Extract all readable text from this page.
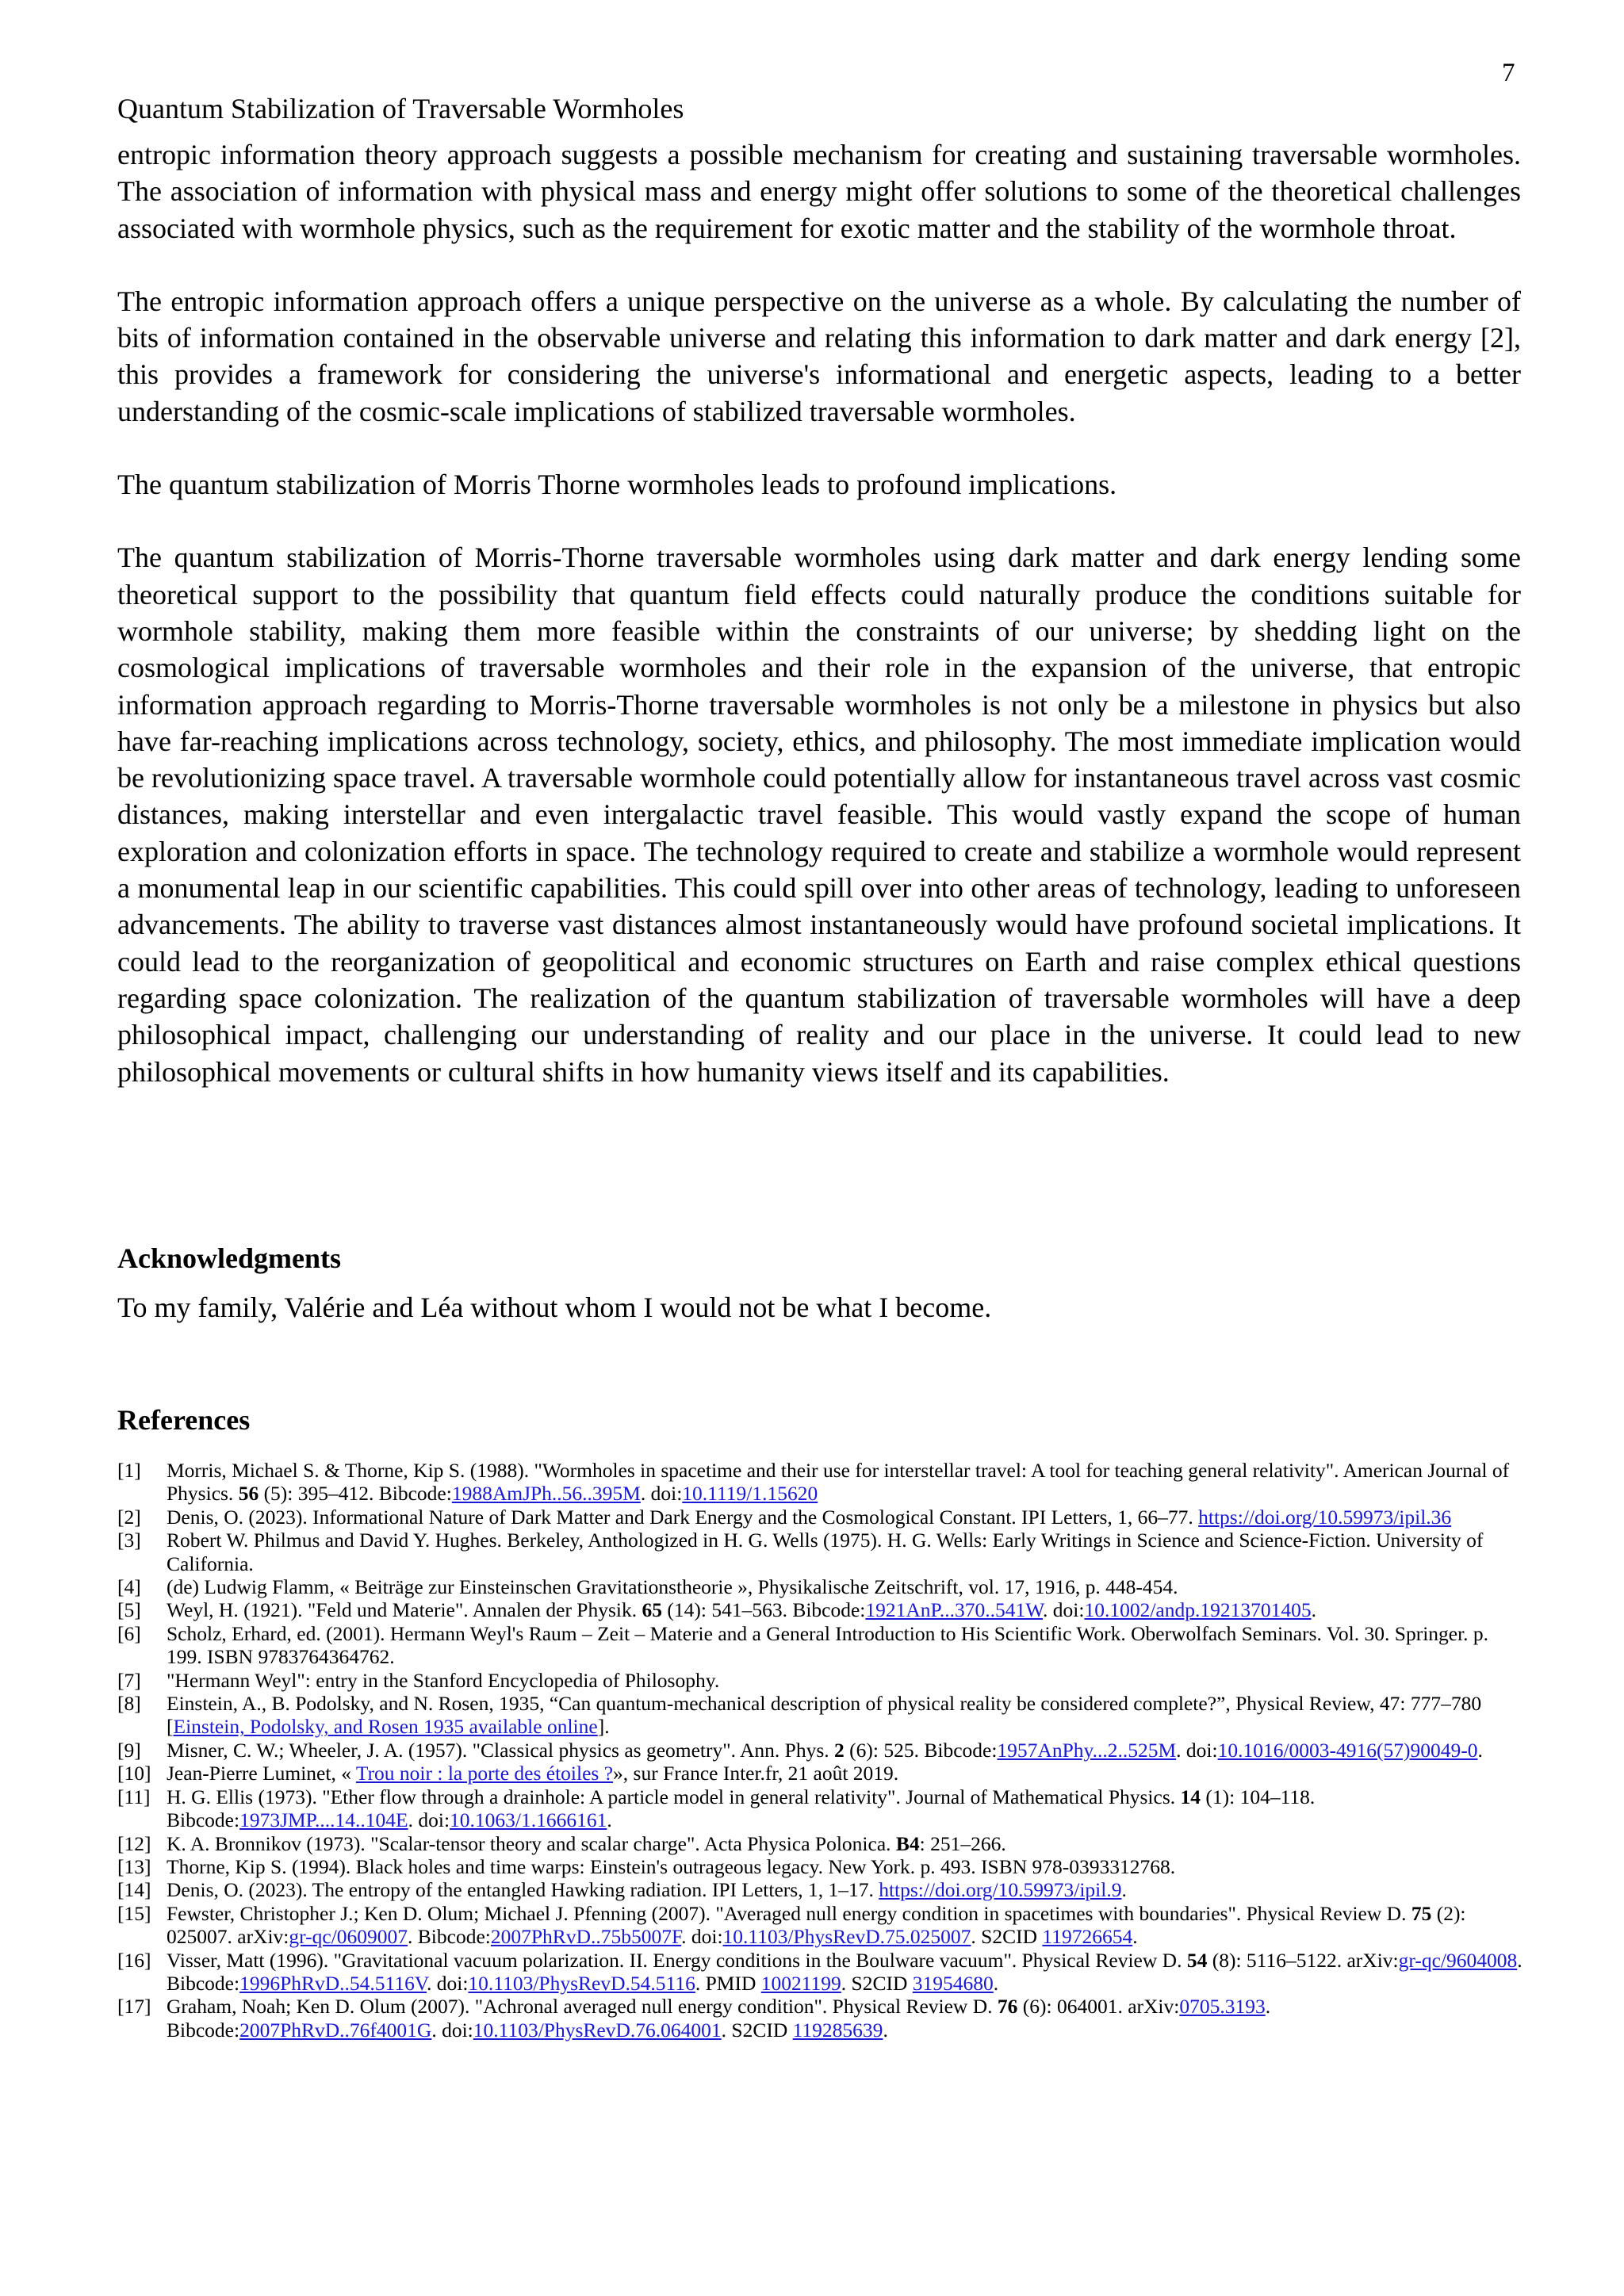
7
Quantum Stabilization of Traversable Wormholes

entropic information theory approach suggests a possible mechanism for creating and sustaining traversable wormholes. The association of information with physical mass and energy might offer solutions to some of the theoretical challenges associated with wormhole physics, such as the requirement for exotic matter and the stability of the wormhole throat.

The entropic information approach offers a unique perspective on the universe as a whole. By calculating the number of bits of information contained in the observable universe and relating this information to dark matter and dark energy [2], this provides a framework for considering the universe's informational and energetic aspects, leading to a better understanding of the cosmic-scale implications of stabilized traversable wormholes.

The quantum stabilization of Morris Thorne wormholes leads to profound implications.

The quantum stabilization of Morris-Thorne traversable wormholes using dark matter and dark energy lending some theoretical support to the possibility that quantum field effects could naturally produce the conditions suitable for wormhole stability, making them more feasible within the constraints of our universe; by shedding light on the cosmological implications of traversable wormholes and their role in the expansion of the universe, that entropic information approach regarding to Morris-Thorne traversable wormholes is not only be a milestone in physics but also have far-reaching implications across technology, society, ethics, and philosophy. The most immediate implication would be revolutionizing space travel. A traversable wormhole could potentially allow for instantaneous travel across vast cosmic distances, making interstellar and even intergalactic travel feasible. This would vastly expand the scope of human exploration and colonization efforts in space. The technology required to create and stabilize a wormhole would represent a monumental leap in our scientific capabilities. This could spill over into other areas of technology, leading to unforeseen advancements. The ability to traverse vast distances almost instantaneously would have profound societal implications. It could lead to the reorganization of geopolitical and economic structures on Earth and raise complex ethical questions regarding space colonization. The realization of the quantum stabilization of traversable wormholes will have a deep philosophical impact, challenging our understanding of reality and our place in the universe. It could lead to new philosophical movements or cultural shifts in how humanity views itself and its capabilities.

Acknowledgments
To my family, Valérie and Léa without whom I would not be what I become.
References
[1]	Morris, Michael S. & Thorne, Kip S. (1988). "Wormholes in spacetime and their use for interstellar travel: A tool for teaching general relativity". American Journal of Physics. 56 (5): 395–412. Bibcode:1988AmJPh..56..395M. doi:10.1119/1.15620
[2]	Denis, O. (2023). Informational Nature of Dark Matter and Dark Energy and the Cosmological Constant. IPI Letters, 1, 66–77. https://doi.org/10.59973/ipil.36
[3]	Robert W. Philmus and David Y. Hughes. Berkeley, Anthologized in H. G. Wells (1975). H. G. Wells: Early Writings in Science and Science-Fiction. University of California.
[4]	(de) Ludwig Flamm, « Beiträge zur Einsteinschen Gravitationstheorie », Physikalische Zeitschrift, vol. 17, 1916, p. 448-454.
[5]	Weyl, H. (1921). "Feld und Materie". Annalen der Physik. 65 (14): 541–563. Bibcode:1921AnP...370..541W. doi:10.1002/andp.19213701405.
[6]	Scholz, Erhard, ed. (2001). Hermann Weyl's Raum – Zeit – Materie and a General Introduction to His Scientific Work. Oberwolfach Seminars. Vol. 30. Springer. p. 199. ISBN 9783764364762.
[7]	"Hermann Weyl": entry in the Stanford Encyclopedia of Philosophy.
[8]	Einstein, A., B. Podolsky, and N. Rosen, 1935, “Can quantum-mechanical description of physical reality be considered complete?”, Physical Review, 47: 777–780 [Einstein, Podolsky, and Rosen 1935 available online].
[9]	Misner, C. W.; Wheeler, J. A. (1957). "Classical physics as geometry". Ann. Phys. 2 (6): 525. Bibcode:1957AnPhy...2..525M. doi:10.1016/0003-4916(57)90049-0.
[10] Jean-Pierre Luminet, « Trou noir : la porte des étoiles ?», sur France Inter.fr, 21 août 2019.
[11] H. G. Ellis (1973). "Ether flow through a drainhole: A particle model in general relativity". Journal of Mathematical Physics. 14 (1): 104–118. Bibcode:1973JMP....14..104E. doi:10.1063/1.1666161.
[12] K. A. Bronnikov (1973). "Scalar-tensor theory and scalar charge". Acta Physica Polonica. B4: 251–266.
[13] Thorne, Kip S. (1994). Black holes and time warps: Einstein's outrageous legacy. New York. p. 493. ISBN 978-0393312768.
[14] Denis, O. (2023). The entropy of the entangled Hawking radiation. IPI Letters, 1, 1–17. https://doi.org/10.59973/ipil.9.
[15] Fewster, Christopher J.; Ken D. Olum; Michael J. Pfenning (2007). "Averaged null energy condition in spacetimes with boundaries". Physical Review D. 75 (2): 025007. arXiv:gr-qc/0609007. Bibcode:2007PhRvD..75b5007F. doi:10.1103/PhysRevD.75.025007. S2CID 119726654.
[16] Visser, Matt (1996). "Gravitational vacuum polarization. II. Energy conditions in the Boulware vacuum". Physical Review D. 54 (8): 5116–5122. arXiv:gr-qc/9604008. Bibcode:1996PhRvD..54.5116V. doi:10.1103/PhysRevD.54.5116. PMID 10021199. S2CID 31954680.
[17] Graham, Noah; Ken D. Olum (2007). "Achronal averaged null energy condition". Physical Review D. 76 (6): 064001. arXiv:0705.3193. Bibcode:2007PhRvD..76f4001G. doi:10.1103/PhysRevD.76.064001. S2CID 119285639.
